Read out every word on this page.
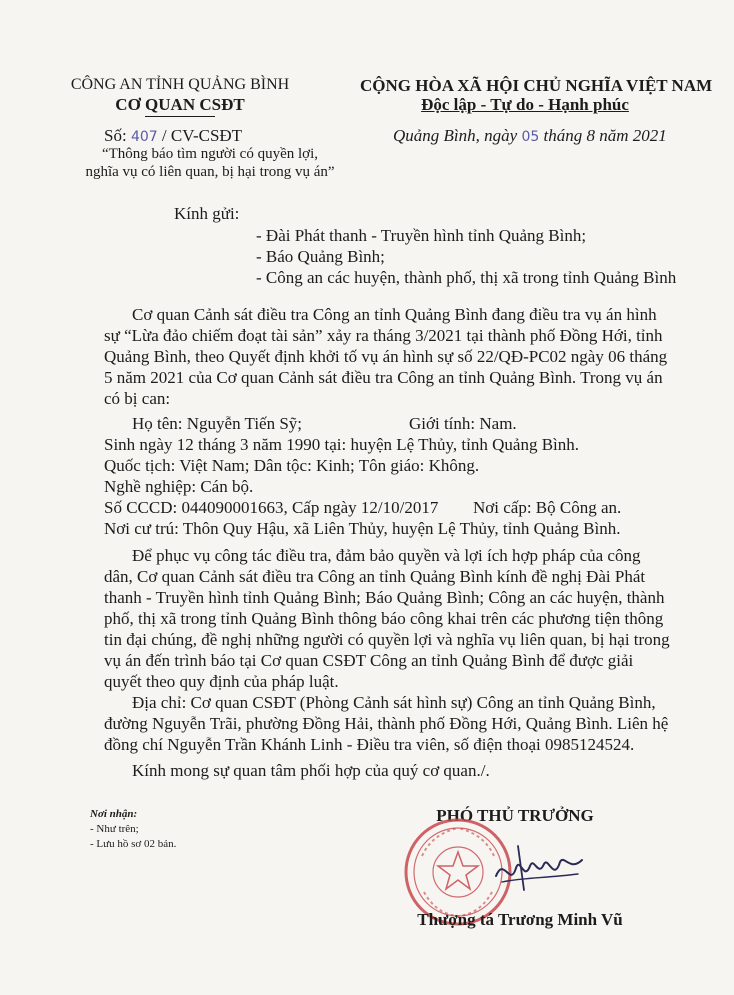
CÔNG AN TỈNH QUẢNG BÌNH
CƠ QUAN CSĐT
CỘNG HÒA XÃ HỘI CHỦ NGHĨA VIỆT NAM
Độc lập - Tự do - Hạnh phúc
Số: 407 / CV-CSĐT
“Thông báo tìm người có quyền lợi,
nghĩa vụ có liên quan, bị hại trong vụ án”
Quảng Bình, ngày 05 tháng 8 năm 2021
Kính gửi:
- Đài Phát thanh - Truyền hình tỉnh Quảng Bình;
- Báo Quảng Bình;
- Công an các huyện, thành phố, thị xã trong tỉnh Quảng Bình
Cơ quan Cảnh sát điều tra Công an tỉnh Quảng Bình đang điều tra vụ án hình
sự “Lừa đảo chiếm đoạt tài sản” xảy ra tháng 3/2021 tại thành phố Đồng Hới, tỉnh
Quảng Bình, theo Quyết định khởi tố vụ án hình sự số 22/QĐ-PC02 ngày 06 tháng
5 năm 2021 của Cơ quan Cảnh sát điều tra Công an tỉnh Quảng Bình. Trong vụ án
có bị can:
Họ tên: Nguyễn Tiến Sỹ;	Giới tính: Nam.
Sinh ngày 12 tháng 3 năm 1990 tại: huyện Lệ Thủy, tỉnh Quảng Bình.
Quốc tịch: Việt Nam; Dân tộc: Kinh; Tôn giáo: Không.
Nghề nghiệp: Cán bộ.
Số CCCD: 044090001663, Cấp ngày 12/10/2017 Nơi cấp: Bộ Công an.
Nơi cư trú: Thôn Quy Hậu, xã Liên Thủy, huyện Lệ Thủy, tỉnh Quảng Bình.
Để phục vụ công tác điều tra, đảm bảo quyền và lợi ích hợp pháp của công
dân, Cơ quan Cảnh sát điều tra Công an tỉnh Quảng Bình kính đề nghị Đài Phát
thanh - Truyền hình tỉnh Quảng Bình; Báo Quảng Bình; Công an các huyện, thành
phố, thị xã trong tỉnh Quảng Bình thông báo công khai trên các phương tiện thông
tin đại chúng, đề nghị những người có quyền lợi và nghĩa vụ liên quan, bị hại trong
vụ án đến trình báo tại Cơ quan CSĐT Công an tỉnh Quảng Bình để được giải
quyết theo quy định của pháp luật.
Địa chỉ: Cơ quan CSĐT (Phòng Cảnh sát hình sự) Công an tỉnh Quảng Bình,
đường Nguyễn Trãi, phường Đồng Hải, thành phố Đồng Hới, Quảng Bình. Liên hệ
đồng chí Nguyễn Trần Khánh Linh - Điều tra viên, số điện thoại 0985124524.
Kính mong sự quan tâm phối hợp của quý cơ quan./.
Nơi nhận:
- Như trên;
- Lưu hồ sơ 02 bản.
PHÓ THỦ TRƯỞNG
Thượng tá Trương Minh Vũ
